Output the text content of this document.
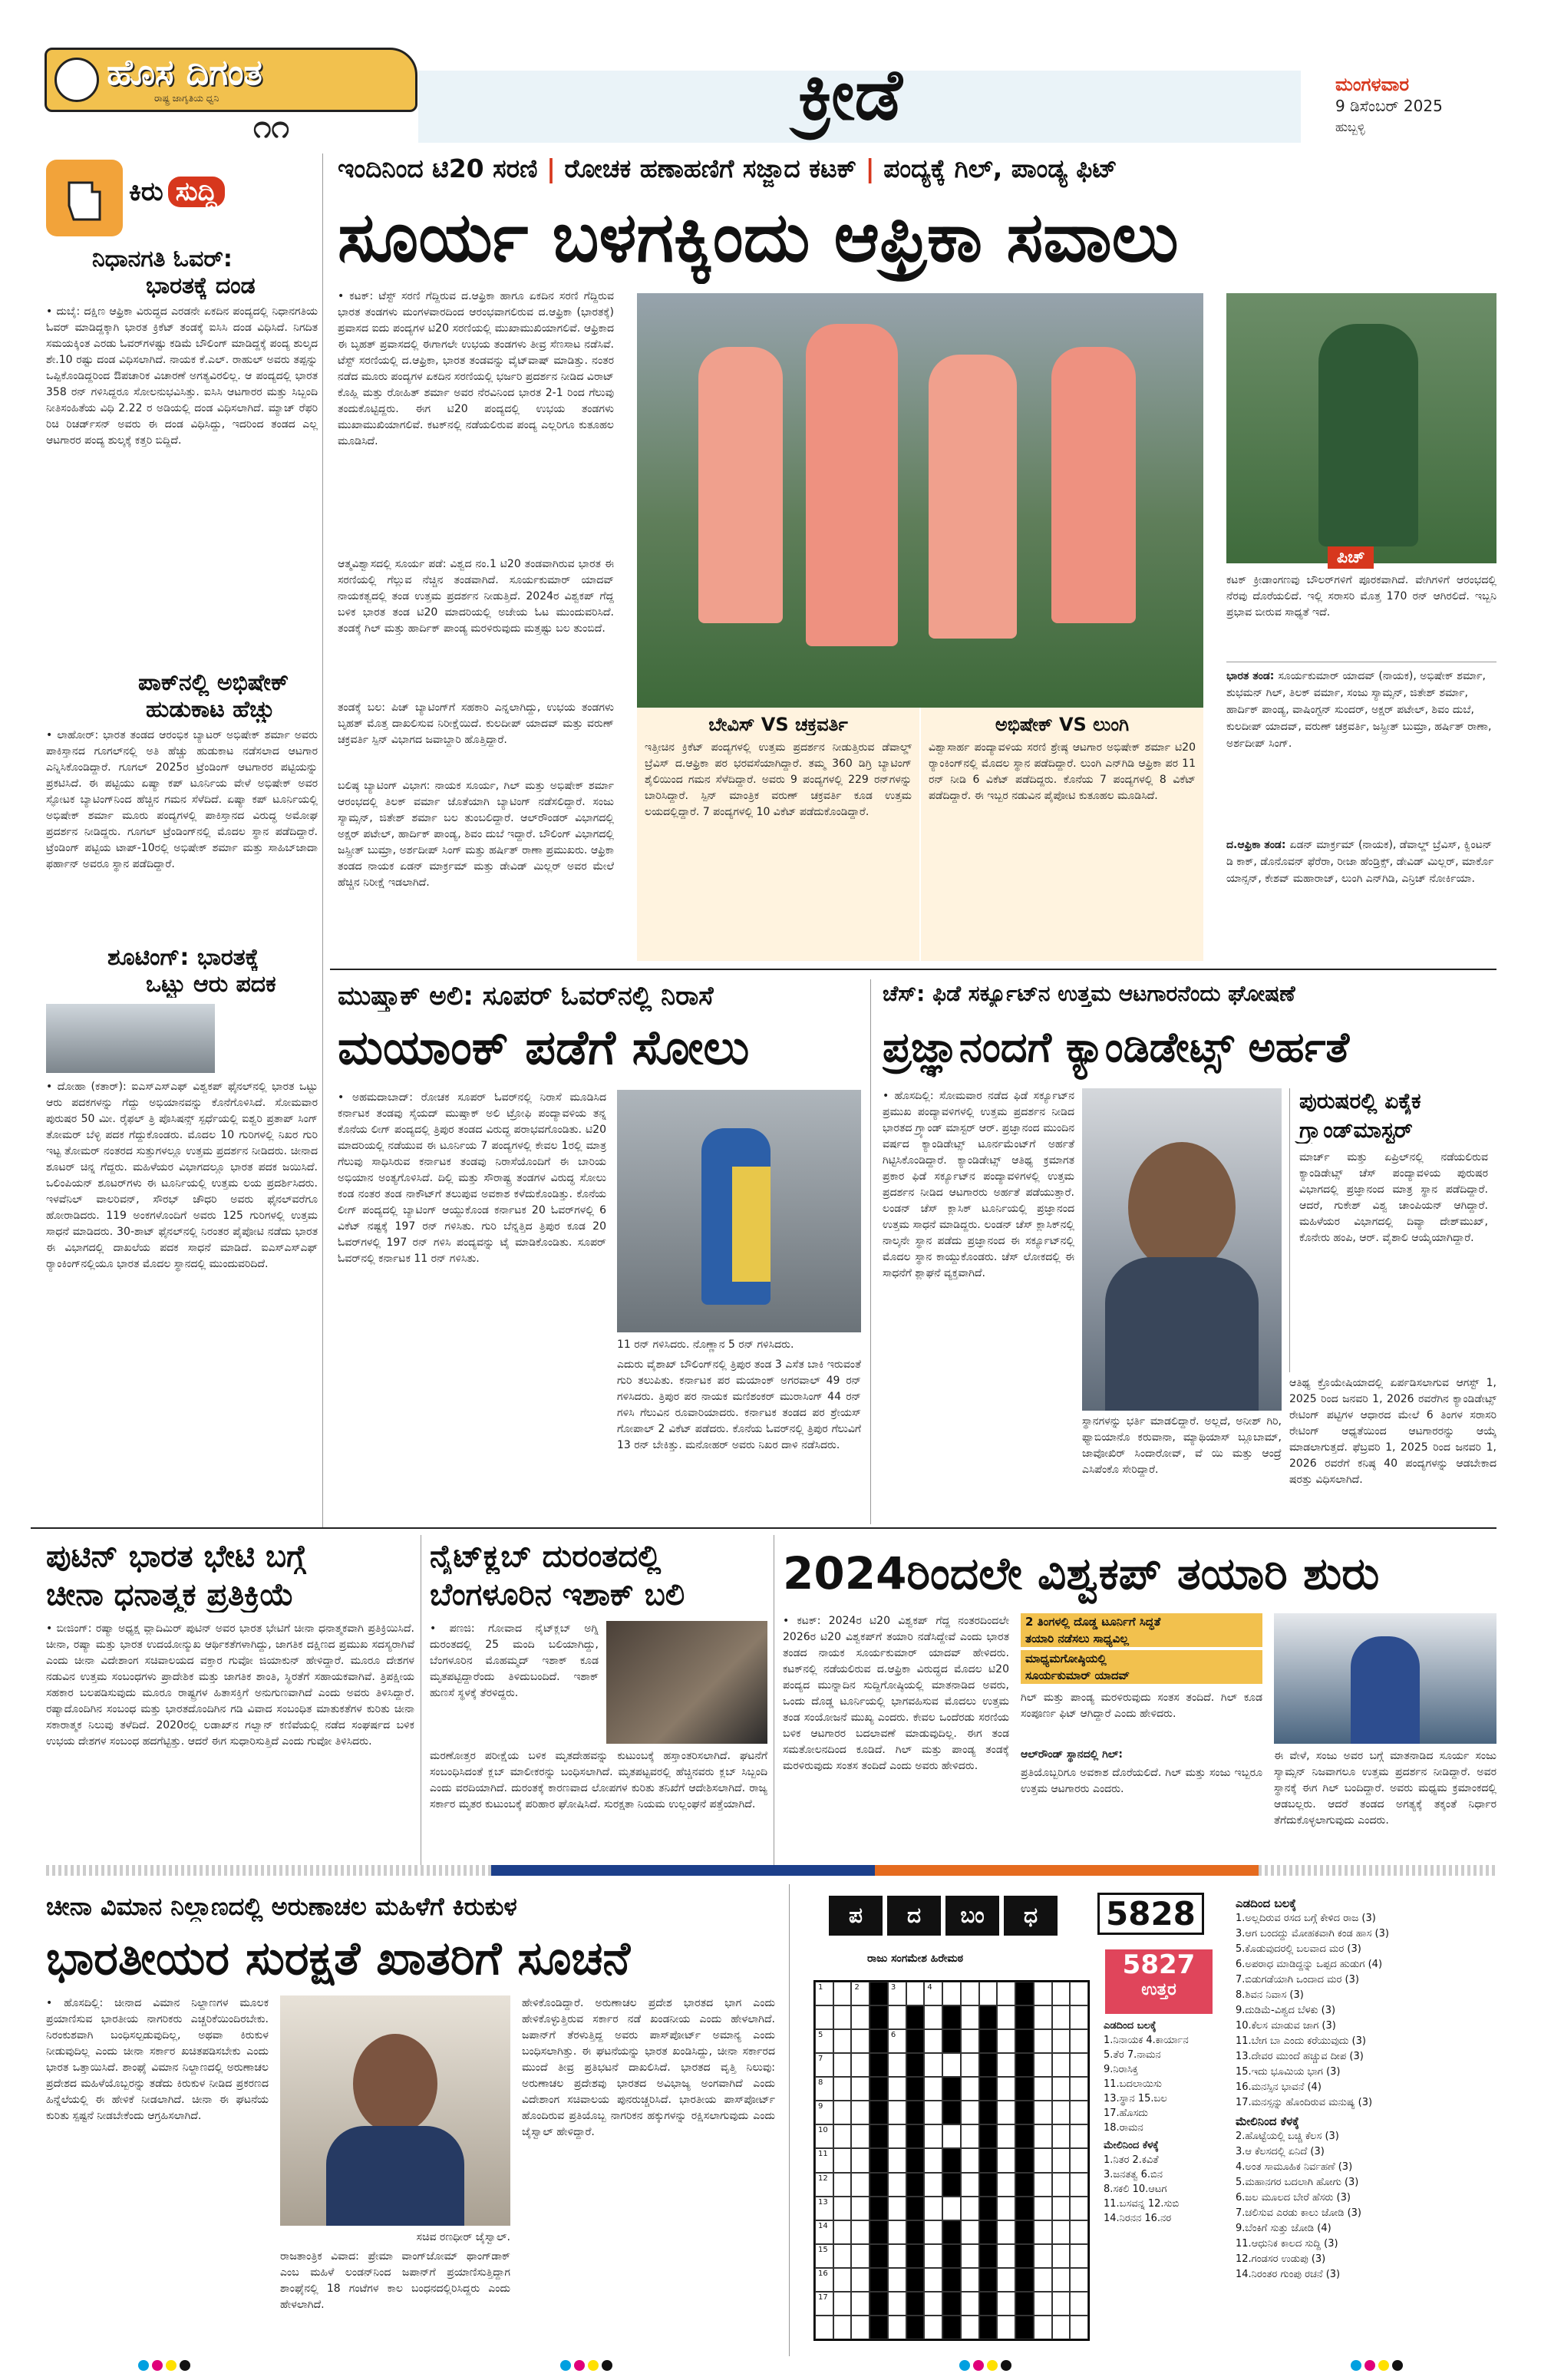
ಹೊಸ ದಿಗಂತ
ರಾಷ್ಟ್ರ ಜಾಗೃತಿಯ ಧ್ವನಿ
೧೧	ಕ್ರೀಡೆ	ಮಂಗಳವಾರ
9 ಡಿಸೆಂಬರ್ 2025
ಹುಬ್ಬಳ್ಳಿ
ಕಿರು ಸುದ್ದಿ
ನಿಧಾನಗತಿ ಓವರ್:
ಭಾರತಕ್ಕೆ ದಂಡ
• ದುಬೈ: ದಕ್ಷಿಣ ಆಫ್ರಿಕಾ ವಿರುದ್ಧದ ಎರಡನೇ ಏಕದಿನ ಪಂದ್ಯದಲ್ಲಿ ನಿಧಾನಗತಿಯ ಓವರ್ ಮಾಡಿದ್ದಕ್ಕಾಗಿ ಭಾರತ ಕ್ರಿಕೆಟ್ ತಂಡಕ್ಕೆ ಐಸಿಸಿ ದಂಡ ವಿಧಿಸಿದೆ. ನಿಗದಿತ ಸಮಯಕ್ಕಿಂತ ಎರಡು ಓವರ್‌ಗಳಷ್ಟು ಕಡಿಮೆ ಬೌಲಿಂಗ್ ಮಾಡಿದ್ದಕ್ಕೆ ಪಂದ್ಯ ಶುಲ್ಕದ ಶೇ.10 ರಷ್ಟು ದಂಡ ವಿಧಿಸಲಾಗಿದೆ. ನಾಯಕ ಕೆ.ಎಲ್. ರಾಹುಲ್ ಅವರು ತಪ್ಪನ್ನು ಒಪ್ಪಿಕೊಂಡಿದ್ದರಿಂದ ಔಪಚಾರಿಕ ವಿಚಾರಣೆ ಅಗತ್ಯವಿರಲಿಲ್ಲ. ಆ ಪಂದ್ಯದಲ್ಲಿ ಭಾರತ 358 ರನ್ ಗಳಿಸಿದ್ದರೂ ಸೋಲನುಭವಿಸಿತ್ತು. ಐಸಿಸಿ ಆಟಗಾರರ ಮತ್ತು ಸಿಬ್ಬಂದಿ ನೀತಿಸಂಹಿತೆಯ ವಿಧಿ 2.22 ರ ಅಡಿಯಲ್ಲಿ ದಂಡ ವಿಧಿಸಲಾಗಿದೆ. ಮ್ಯಾಚ್ ರೆಫರಿ ರಿಚಿ ರಿಚರ್ಡ್‌ಸನ್ ಅವರು ಈ ದಂಡ ವಿಧಿಸಿದ್ದು, ಇದರಿಂದ ತಂಡದ ಎಲ್ಲ ಆಟಗಾರರ ಪಂದ್ಯ ಶುಲ್ಕಕ್ಕೆ ಕತ್ತರಿ ಬಿದ್ದಿದೆ.
ಪಾಕ್‌ನಲ್ಲಿ ಅಭಿಷೇಕ್
ಹುಡುಕಾಟ ಹೆಚ್ಚು
• ಲಾಹೋರ್: ಭಾರತ ತಂಡದ ಆರಂಭಿಕ ಬ್ಯಾಟರ್ ಅಭಿಷೇಕ್ ಶರ್ಮಾ ಅವರು ಪಾಕಿಸ್ತಾನದ ಗೂಗಲ್‌ನಲ್ಲಿ ಅತಿ ಹೆಚ್ಚು ಹುಡುಕಾಟ ನಡೆಸಲಾದ ಆಟಗಾರ ಎನ್ನಿಸಿಕೊಂಡಿದ್ದಾರೆ. ಗೂಗಲ್ 2025ರ ಟ್ರೆಂಡಿಂಗ್ ಆಟಗಾರರ ಪಟ್ಟಿಯನ್ನು ಪ್ರಕಟಿಸಿದೆ. ಈ ಪಟ್ಟಿಯು ಏಷ್ಯಾ ಕಪ್ ಟೂರ್ನಿಯ ವೇಳೆ ಅಭಿಷೇಕ್ ಅವರ ಸ್ಫೋಟಕ ಬ್ಯಾಟಿಂಗ್‌ನಿಂದ ಹೆಚ್ಚಿನ ಗಮನ ಸೆಳೆದಿದೆ. ಏಷ್ಯಾ ಕಪ್ ಟೂರ್ನಿಯಲ್ಲಿ ಅಭಿಷೇಕ್ ಶರ್ಮಾ ಮೂರು ಪಂದ್ಯಗಳಲ್ಲಿ ಪಾಕಿಸ್ತಾನದ ವಿರುದ್ಧ ಅಮೋಘ ಪ್ರದರ್ಶನ ನೀಡಿದ್ದರು. ಗೂಗಲ್ ಟ್ರೆಂಡಿಂಗ್‌ನಲ್ಲಿ ಮೊದಲ ಸ್ಥಾನ ಪಡೆದಿದ್ದಾರೆ. ಟ್ರೆಂಡಿಂಗ್ ಪಟ್ಟಿಯ ಟಾಪ್-10ರಲ್ಲಿ ಅಭಿಷೇಕ್ ಶರ್ಮಾ ಮತ್ತು ಸಾಹಿಬ್‌ಜಾದಾ ಫರ್ಹಾನ್ ಅವರೂ ಸ್ಥಾನ ಪಡೆದಿದ್ದಾರೆ.
ಶೂಟಿಂಗ್: ಭಾರತಕ್ಕೆ
ಒಟ್ಟು ಆರು ಪದಕ
• ದೋಹಾ (ಕತಾರ್): ಐಎಸ್‌ಎಸ್‌ಎಫ್ ವಿಶ್ವಕಪ್ ಫೈನಲ್‌ನಲ್ಲಿ ಭಾರತ ಒಟ್ಟು ಆರು ಪದಕಗಳನ್ನು ಗೆದ್ದು ಅಭಿಯಾನವನ್ನು ಕೊನೆಗೊಳಿಸಿದೆ. ಸೋಮವಾರ ಪುರುಷರ 50 ಮೀ. ರೈಫಲ್ ತ್ರಿ ಪೊಸಿಷನ್ಸ್ ಸ್ಪರ್ಧೆಯಲ್ಲಿ ಐಶ್ವರಿ ಪ್ರತಾಪ್ ಸಿಂಗ್ ತೋಮರ್ ಬೆಳ್ಳಿ ಪದಕ ಗೆದ್ದುಕೊಂಡರು. ಮೊದಲ 10 ಗುರಿಗಳಲ್ಲಿ ನಿಖರ ಗುರಿ ಇಟ್ಟ ತೋಮರ್ ನಂತರದ ಸುತ್ತುಗಳಲ್ಲೂ ಉತ್ತಮ ಪ್ರದರ್ಶನ ನೀಡಿದರು. ಚೀನಾದ ಶೂಟರ್ ಚಿನ್ನ ಗೆದ್ದರು. ಮಹಿಳೆಯರ ವಿಭಾಗದಲ್ಲೂ ಭಾರತ ಪದಕ ಜಯಿಸಿದೆ. ಒಲಿಂಪಿಯನ್ ಶೂಟರ್‌ಗಳು ಈ ಟೂರ್ನಿಯಲ್ಲಿ ಉತ್ತಮ ಲಯ ಪ್ರದರ್ಶಿಸಿದರು. ಇಳವೆನಿಲ್ ವಾಲರಿವನ್, ಸೌರಭ್ ಚೌಧರಿ ಅವರು ಫೈನಲ್‌ವರೆಗೂ ಹೋರಾಡಿದರು. 119 ಅಂಕಗಳೊಂದಿಗೆ ಅವರು 125 ಗುರಿಗಳಲ್ಲಿ ಉತ್ತಮ ಸಾಧನೆ ಮಾಡಿದರು. 30-ಶಾಟ್ ಫೈನಲ್‌ನಲ್ಲಿ ನಿರಂತರ ಪೈಪೋಟಿ ನಡೆದು ಭಾರತ ಈ ವಿಭಾಗದಲ್ಲಿ ದಾಖಲೆಯ ಪದಕ ಸಾಧನೆ ಮಾಡಿದೆ. ಐಎಸ್‌ಎಸ್‌ಎಫ್ ರ‍್ಯಾಂಕಿಂಗ್‌ನಲ್ಲಿಯೂ ಭಾರತ ಮೊದಲ ಸ್ಥಾನದಲ್ಲಿ ಮುಂದುವರಿದಿದೆ.
ಇಂದಿನಿಂದ ಟಿ20 ಸರಣಿ | ರೋಚಕ ಹಣಾಹಣಿಗೆ ಸಜ್ಜಾದ ಕಟಕ್ | ಪಂದ್ಯಕ್ಕೆ ಗಿಲ್, ಪಾಂಡ್ಯ ಫಿಟ್
ಸೂರ್ಯ ಬಳಗಕ್ಕಿಂದು ಆಫ್ರಿಕಾ ಸವಾಲು
• ಕಟಕ್: ಟೆಸ್ಟ್ ಸರಣಿ ಗೆದ್ದಿರುವ ದ.ಆಫ್ರಿಕಾ ಹಾಗೂ ಏಕದಿನ ಸರಣಿ ಗೆದ್ದಿರುವ ಭಾರತ ತಂಡಗಳು ಮಂಗಳವಾರದಿಂದ ಆರಂಭವಾಗಲಿರುವ ದ.ಆಫ್ರಿಕಾ (ಭಾರತಕ್ಕೆ) ಪ್ರವಾಸದ ಐದು ಪಂದ್ಯಗಳ ಟಿ20 ಸರಣಿಯಲ್ಲಿ ಮುಖಾಮುಖಿಯಾಗಲಿವೆ. ಆಫ್ರಿಕಾದ ಈ ಬೃಹತ್ ಪ್ರವಾಸದಲ್ಲಿ ಈಗಾಗಲೇ ಉಭಯ ತಂಡಗಳು ತೀವ್ರ ಸೆಣಸಾಟ ನಡೆಸಿವೆ. ಟೆಸ್ಟ್ ಸರಣಿಯಲ್ಲಿ ದ.ಆಫ್ರಿಕಾ, ಭಾರತ ತಂಡವನ್ನು ವೈಟ್‌ವಾಷ್ ಮಾಡಿತ್ತು. ನಂತರ ನಡೆದ ಮೂರು ಪಂದ್ಯಗಳ ಏಕದಿನ ಸರಣಿಯಲ್ಲಿ ಭರ್ಜರಿ ಪ್ರದರ್ಶನ ನೀಡಿದ ವಿರಾಟ್ ಕೊಹ್ಲಿ ಮತ್ತು ರೋಹಿತ್ ಶರ್ಮಾ ಅವರ ನೆರವಿನಿಂದ ಭಾರತ 2-1 ರಿಂದ ಗೆಲುವು ತಂದುಕೊಟ್ಟಿದ್ದರು. ಈಗ ಟಿ20 ಪಂದ್ಯದಲ್ಲಿ ಉಭಯ ತಂಡಗಳು ಮುಖಾಮುಖಿಯಾಗಲಿವೆ. ಕಟಕ್‌ನಲ್ಲಿ ನಡೆಯಲಿರುವ ಪಂದ್ಯ ಎಲ್ಲರಿಗೂ ಕುತೂಹಲ ಮೂಡಿಸಿದೆ.
ಆತ್ಮವಿಶ್ವಾಸದಲ್ಲಿ ಸೂರ್ಯ ಪಡೆ: ವಿಶ್ವದ ನಂ.1 ಟಿ20 ತಂಡವಾಗಿರುವ ಭಾರತ ಈ ಸರಣಿಯಲ್ಲಿ ಗೆಲ್ಲುವ ನೆಚ್ಚಿನ ತಂಡವಾಗಿದೆ. ಸೂರ್ಯಕುಮಾರ್ ಯಾದವ್ ನಾಯಕತ್ವದಲ್ಲಿ ತಂಡ ಉತ್ತಮ ಪ್ರದರ್ಶನ ನೀಡುತ್ತಿದೆ. 2024ರ ವಿಶ್ವಕಪ್ ಗೆದ್ದ ಬಳಿಕ ಭಾರತ ತಂಡ ಟಿ20 ಮಾದರಿಯಲ್ಲಿ ಅಜೇಯ ಓಟ ಮುಂದುವರಿಸಿದೆ. ತಂಡಕ್ಕೆ ಗಿಲ್ ಮತ್ತು ಹಾರ್ದಿಕ್ ಪಾಂಡ್ಯ ಮರಳಿರುವುದು ಮತ್ತಷ್ಟು ಬಲ ತುಂಬಿದೆ.
ತಂಡಕ್ಕೆ ಬಲ: ಪಿಚ್ ಬ್ಯಾಟಿಂಗ್‌ಗೆ ಸಹಕಾರಿ ಎನ್ನಲಾಗಿದ್ದು, ಉಭಯ ತಂಡಗಳು ಬೃಹತ್ ಮೊತ್ತ ದಾಖಲಿಸುವ ನಿರೀಕ್ಷೆಯಿದೆ. ಕುಲದೀಪ್ ಯಾದವ್ ಮತ್ತು ವರುಣ್ ಚಕ್ರವರ್ತಿ ಸ್ಪಿನ್ ವಿಭಾಗದ ಜವಾಬ್ದಾರಿ ಹೊತ್ತಿದ್ದಾರೆ.
ಬಲಿಷ್ಠ ಬ್ಯಾಟಿಂಗ್ ವಿಭಾಗ: ನಾಯಕ ಸೂರ್ಯ, ಗಿಲ್ ಮತ್ತು ಅಭಿಷೇಕ್ ಶರ್ಮಾ ಆರಂಭದಲ್ಲಿ ತಿಲಕ್ ವರ್ಮಾ ಜೊತೆಯಾಗಿ ಬ್ಯಾಟಿಂಗ್ ನಡೆಸಲಿದ್ದಾರೆ. ಸಂಜು ಸ್ಯಾಮ್ಸನ್, ಜಿತೇಶ್ ಶರ್ಮಾ ಬಲ ತುಂಬಲಿದ್ದಾರೆ. ಆಲ್‌ರೌಂಡರ್ ವಿಭಾಗದಲ್ಲಿ ಅಕ್ಷರ್ ಪಟೇಲ್, ಹಾರ್ದಿಕ್ ಪಾಂಡ್ಯ, ಶಿವಂ ದುಬೆ ಇದ್ದಾರೆ. ಬೌಲಿಂಗ್ ವಿಭಾಗದಲ್ಲಿ ಜಸ್ಪ್ರೀತ್ ಬುಮ್ರಾ, ಅರ್ಶದೀಪ್ ಸಿಂಗ್ ಮತ್ತು ಹರ್ಷಿತ್ ರಾಣಾ ಪ್ರಮುಖರು. ಆಫ್ರಿಕಾ ತಂಡದ ನಾಯಕ ಏಡನ್ ಮಾರ್ಕ್ರಮ್ ಮತ್ತು ಡೇವಿಡ್ ಮಿಲ್ಲರ್ ಅವರ ಮೇಲೆ ಹೆಚ್ಚಿನ ನಿರೀಕ್ಷೆ ಇಡಲಾಗಿದೆ.
ಬೇವಿಸ್ VS ಚಕ್ರವರ್ತಿ
ಇತ್ತೀಚಿನ ಕ್ರಿಕೆಟ್ ಪಂದ್ಯಗಳಲ್ಲಿ ಉತ್ತಮ ಪ್ರದರ್ಶನ ನೀಡುತ್ತಿರುವ ಡೆವಾಲ್ಡ್ ಬ್ರೆವಿಸ್ ದ.ಆಫ್ರಿಕಾ ಪರ ಭರವಸೆಯಾಗಿದ್ದಾರೆ. ತಮ್ಮ 360 ಡಿಗ್ರಿ ಬ್ಯಾಟಿಂಗ್ ಶೈಲಿಯಿಂದ ಗಮನ ಸೆಳೆದಿದ್ದಾರೆ. ಅವರು 9 ಪಂದ್ಯಗಳಲ್ಲಿ 229 ರನ್‌ಗಳನ್ನು ಬಾರಿಸಿದ್ದಾರೆ. ಸ್ಪಿನ್ ಮಾಂತ್ರಿಕ ವರುಣ್ ಚಕ್ರವರ್ತಿ ಕೂಡ ಉತ್ತಮ ಲಯದಲ್ಲಿದ್ದಾರೆ. 7 ಪಂದ್ಯಗಳಲ್ಲಿ 10 ವಿಕೆಟ್ ಪಡೆದುಕೊಂಡಿದ್ದಾರೆ.
ಅಭಿಷೇಕ್ VS ಲುಂಗಿ
ವಿಶ್ವಾಸಾರ್ಹ ಪಂದ್ಯಾವಳಿಯ ಸರಣಿ ಶ್ರೇಷ್ಠ ಆಟಗಾರ ಅಭಿಷೇಕ್ ಶರ್ಮಾ ಟಿ20 ರ‍್ಯಾಂಕಿಂಗ್‌ನಲ್ಲಿ ಮೊದಲ ಸ್ಥಾನ ಪಡೆದಿದ್ದಾರೆ. ಲುಂಗಿ ಎನ್‌ಗಿಡಿ ಆಫ್ರಿಕಾ ಪರ 11 ರನ್ ನೀಡಿ 6 ವಿಕೆಟ್ ಪಡೆದಿದ್ದರು. ಕೊನೆಯ 7 ಪಂದ್ಯಗಳಲ್ಲಿ 8 ವಿಕೆಟ್ ಪಡೆದಿದ್ದಾರೆ. ಈ ಇಬ್ಬರ ನಡುವಿನ ಪೈಪೋಟಿ ಕುತೂಹಲ ಮೂಡಿಸಿದೆ.
ಪಿಚ್
ಕಟಕ್ ಕ್ರೀಡಾಂಗಣವು ಬೌಲರ್‌ಗಳಿಗೆ ಪೂರಕವಾಗಿದೆ. ವೇಗಿಗಳಿಗೆ ಆರಂಭದಲ್ಲಿ ನೆರವು ದೊರೆಯಲಿದೆ. ಇಲ್ಲಿ ಸರಾಸರಿ ಮೊತ್ತ 170 ರನ್ ಆಗಿರಲಿದೆ. ಇಬ್ಬನಿ ಪ್ರಭಾವ ಬೀರುವ ಸಾಧ್ಯತೆ ಇದೆ.
ಭಾರತ ತಂಡ: ಸೂರ್ಯಕುಮಾರ್ ಯಾದವ್ (ನಾಯಕ), ಅಭಿಷೇಕ್ ಶರ್ಮಾ, ಶುಭಮನ್ ಗಿಲ್, ತಿಲಕ್ ವರ್ಮಾ, ಸಂಜು ಸ್ಯಾಮ್ಸನ್, ಜಿತೇಶ್ ಶರ್ಮಾ, ಹಾರ್ದಿಕ್ ಪಾಂಡ್ಯ, ವಾಷಿಂಗ್ಟನ್ ಸುಂದರ್, ಅಕ್ಷರ್ ಪಟೇಲ್, ಶಿವಂ ದುಬೆ, ಕುಲದೀಪ್ ಯಾದವ್, ವರುಣ್ ಚಕ್ರವರ್ತಿ, ಜಸ್ಪ್ರೀತ್ ಬುಮ್ರಾ, ಹರ್ಷಿತ್ ರಾಣಾ, ಅರ್ಶದೀಪ್ ಸಿಂಗ್.
ದ.ಆಫ್ರಿಕಾ ತಂಡ: ಏಡನ್ ಮಾರ್ಕ್ರಮ್ (ನಾಯಕ), ಡೆವಾಲ್ಡ್ ಬ್ರೆವಿಸ್, ಕ್ವಿಂಟನ್ ಡಿ ಕಾಕ್, ಡೊನೊವನ್ ಫೆರೆರಾ, ರೀಜಾ ಹೆಂಡ್ರಿಕ್ಸ್, ಡೇವಿಡ್ ಮಿಲ್ಲರ್, ಮಾರ್ಕೊ ಯಾನ್ಸನ್, ಕೇಶವ್ ಮಹಾರಾಜ್, ಲುಂಗಿ ಎನ್‌ಗಿಡಿ, ಎನ್ರಿಚ್ ನೋರ್ಕಿಯಾ.
ಮುಷ್ತಾಕ್ ಅಲಿ: ಸೂಪರ್ ಓವರ್‌ನಲ್ಲಿ ನಿರಾಸೆ
ಮಯಾಂಕ್ ಪಡೆಗೆ ಸೋಲು
• ಅಹಮದಾಬಾದ್: ರೋಚಕ ಸೂಪರ್ ಓವರ್‌ನಲ್ಲಿ ನಿರಾಸೆ ಮೂಡಿಸಿದ ಕರ್ನಾಟಕ ತಂಡವು ಸೈಯದ್ ಮುಷ್ತಾಕ್ ಅಲಿ ಟ್ರೋಫಿ ಪಂದ್ಯಾವಳಿಯ ತನ್ನ ಕೊನೆಯ ಲೀಗ್ ಪಂದ್ಯದಲ್ಲಿ ತ್ರಿಪುರ ತಂಡದ ವಿರುದ್ಧ ಪರಾಭವಗೊಂಡಿತು. ಟಿ20 ಮಾದರಿಯಲ್ಲಿ ನಡೆಯುವ ಈ ಟೂರ್ನಿಯ 7 ಪಂದ್ಯಗಳಲ್ಲಿ ಕೇವಲ 1ರಲ್ಲಿ ಮಾತ್ರ ಗೆಲುವು ಸಾಧಿಸಿರುವ ಕರ್ನಾಟಕ ತಂಡವು ನಿರಾಸೆಯೊಂದಿಗೆ ಈ ಬಾರಿಯ ಅಭಿಯಾನ ಅಂತ್ಯಗೊಳಿಸಿದೆ. ದಿಲ್ಲಿ ಮತ್ತು ಸೌರಾಷ್ಟ್ರ ತಂಡಗಳ ವಿರುದ್ಧ ಸೋಲು ಕಂಡ ನಂತರ ತಂಡ ನಾಕೌಟ್‌ಗೆ ತಲುಪುವ ಅವಕಾಶ ಕಳೆದುಕೊಂಡಿತ್ತು. ಕೊನೆಯ ಲೀಗ್ ಪಂದ್ಯದಲ್ಲಿ ಬ್ಯಾಟಿಂಗ್ ಆಯ್ದುಕೊಂಡ ಕರ್ನಾಟಕ 20 ಓವರ್‌ಗಳಲ್ಲಿ 6 ವಿಕೆಟ್ ನಷ್ಟಕ್ಕೆ 197 ರನ್ ಗಳಿಸಿತು. ಗುರಿ ಬೆನ್ನತ್ತಿದ ತ್ರಿಪುರ ಕೂಡ 20 ಓವರ್‌ಗಳಲ್ಲಿ 197 ರನ್ ಗಳಿಸಿ ಪಂದ್ಯವನ್ನು ಟೈ ಮಾಡಿಕೊಂಡಿತು. ಸೂಪರ್ ಓವರ್‌ನಲ್ಲಿ ಕರ್ನಾಟಕ 11 ರನ್ ಗಳಿಸಿತು.
11 ರನ್ ಗಳಿಸಿದರು. ನೊಣ್ಣಾನ 5 ರನ್ ಗಳಿಸಿದರು.
ಎದುರು ವೈಶಾಖ್ ಬೌಲಿಂಗ್‌ನಲ್ಲಿ ತ್ರಿಪುರ ತಂಡ 3 ಎಸೆತ ಬಾಕಿ ಇರುವಂತೆ ಗುರಿ ತಲುಪಿತು. ಕರ್ನಾಟಕ ಪರ ಮಯಾಂಕ್ ಅಗರವಾಲ್ 49 ರನ್ ಗಳಿಸಿದರು. ತ್ರಿಪುರ ಪರ ನಾಯಕ ಮಣಿಶಂಕರ್ ಮುರಾಸಿಂಗ್ 44 ರನ್ ಗಳಿಸಿ ಗೆಲುವಿನ ರೂವಾರಿಯಾದರು. ಕರ್ನಾಟಕ ತಂಡದ ಪರ ಶ್ರೇಯಸ್ ಗೋಪಾಲ್ 2 ವಿಕೆಟ್ ಪಡೆದರು. ಕೊನೆಯ ಓವರ್‌ನಲ್ಲಿ ತ್ರಿಪುರ ಗೆಲುವಿಗೆ 13 ರನ್ ಬೇಕಿತ್ತು. ಮನೋಹರ್ ಅವರು ನಿಖರ ದಾಳಿ ನಡೆಸಿದರು.
ಚೆಸ್: ಫಿಡೆ ಸರ್ಕ್ಯೂಟ್‌ನ ಉತ್ತಮ ಆಟಗಾರನೆಂದು ಘೋಷಣೆ
ಪ್ರಜ್ಞಾನಂದಗೆ ಕ್ಯಾಂಡಿಡೇಟ್ಸ್ ಅರ್ಹತೆ
• ಹೊಸದಿಲ್ಲಿ: ಸೋಮವಾರ ನಡೆದ ಫಿಡೆ ಸರ್ಕ್ಯೂಟ್‌ನ ಪ್ರಮುಖ ಪಂದ್ಯಾವಳಿಗಳಲ್ಲಿ ಉತ್ತಮ ಪ್ರದರ್ಶನ ನೀಡಿದ ಭಾರತದ ಗ್ರ್ಯಾಂಡ್ ಮಾಸ್ಟರ್ ಆರ್. ಪ್ರಜ್ಞಾನಂದ ಮುಂದಿನ ವರ್ಷದ ಕ್ಯಾಂಡಿಡೇಟ್ಸ್ ಟೂರ್ನಮೆಂಟ್‌ಗೆ ಅರ್ಹತೆ ಗಿಟ್ಟಿಸಿಕೊಂಡಿದ್ದಾರೆ. ಕ್ಯಾಂಡಿಡೇಟ್ಸ್ ಆತಿಥ್ಯ ಕ್ರಮಾಗತ ಪ್ರಕಾರ ಫಿಡೆ ಸರ್ಕ್ಯೂಟ್‌ನ ಪಂದ್ಯಾವಳಿಗಳಲ್ಲಿ ಉತ್ತಮ ಪ್ರದರ್ಶನ ನೀಡಿದ ಆಟಗಾರರು ಅರ್ಹತೆ ಪಡೆಯುತ್ತಾರೆ. ಲಂಡನ್ ಚೆಸ್ ಕ್ಲಾಸಿಕ್ ಟೂರ್ನಿಯಲ್ಲಿ ಪ್ರಜ್ಞಾನಂದ ಉತ್ತಮ ಸಾಧನೆ ಮಾಡಿದ್ದರು. ಲಂಡನ್ ಚೆಸ್ ಕ್ಲಾಸಿಕ್‌ನಲ್ಲಿ ನಾಲ್ಕನೇ ಸ್ಥಾನ ಪಡೆದು ಪ್ರಜ್ಞಾನಂದ ಈ ಸರ್ಕ್ಯೂಟ್‌ನಲ್ಲಿ ಮೊದಲ ಸ್ಥಾನ ಕಾಯ್ದುಕೊಂಡರು. ಚೆಸ್ ಲೋಕದಲ್ಲಿ ಈ ಸಾಧನೆಗೆ ಶ್ಲಾಘನೆ ವ್ಯಕ್ತವಾಗಿದೆ.
ಸ್ಥಾನಗಳನ್ನು ಭರ್ತಿ ಮಾಡಲಿದ್ದಾರೆ. ಅಲ್ಲದೆ, ಅನೀಶ್ ಗಿರಿ, ಫ್ಯಾಬಿಯಾನೊ ಕರುವಾನಾ, ಮ್ಯಾಥಿಯಾಸ್ ಬ್ಲೂಬಾಮ್, ಜಾವೋಖಿರ್ ಸಿಂದಾರೋವ್, ವೆ ಯಿ ಮತ್ತು ಆಂದ್ರೆ ಎಸಿಪೆಂಕೊ ಸೇರಿದ್ದಾರೆ.
ಪುರುಷರಲ್ಲಿ ಏಕೈಕ
ಗ್ರ್ಯಾಂಡ್‌ಮಾಸ್ಟರ್
ಮಾರ್ಚ್ ಮತ್ತು ಏಪ್ರಿಲ್‌ನಲ್ಲಿ ನಡೆಯಲಿರುವ ಕ್ಯಾಂಡಿಡೇಟ್ಸ್ ಚೆಸ್ ಪಂದ್ಯಾವಳಿಯ ಪುರುಷರ ವಿಭಾಗದಲ್ಲಿ ಪ್ರಜ್ಞಾನಂದ ಮಾತ್ರ ಸ್ಥಾನ ಪಡೆದಿದ್ದಾರೆ. ಆದರೆ, ಗುಕೇಶ್ ವಿಶ್ವ ಚಾಂಪಿಯನ್ ಆಗಿದ್ದಾರೆ. ಮಹಿಳೆಯರ ವಿಭಾಗದಲ್ಲಿ ದಿವ್ಯಾ ದೇಶ್‌ಮುಖ್, ಕೊನೇರು ಹಂಪಿ, ಆರ್. ವೈಶಾಲಿ ಆಯ್ಕೆಯಾಗಿದ್ದಾರೆ.
ಆತಿಥ್ಯ ಕ್ರೊಯೇಷಿಯಾದಲ್ಲಿ ಏರ್ಪಡಿಸಲಾಗುವ ಆಗಸ್ಟ್ 1, 2025 ರಿಂದ ಜನವರಿ 1, 2026 ರವರೆಗಿನ ಕ್ಯಾಂಡಿಡೇಟ್ಸ್ ರೇಟಿಂಗ್ ಪಟ್ಟಿಗಳ ಆಧಾರದ ಮೇಲೆ 6 ತಿಂಗಳ ಸರಾಸರಿ ರೇಟಿಂಗ್ ಆಧ್ಯತೆಯಿಂದ ಆಟಗಾರರನ್ನು ಆಯ್ಕೆ ಮಾಡಲಾಗುತ್ತದೆ. ಫೆಬ್ರವರಿ 1, 2025 ರಿಂದ ಜನವರಿ 1, 2026 ರವರೆಗೆ ಕನಿಷ್ಠ 40 ಪಂದ್ಯಗಳನ್ನು ಆಡಬೇಕಾದ ಷರತ್ತು ವಿಧಿಸಲಾಗಿದೆ.
ಪುಟಿನ್ ಭಾರತ ಭೇಟಿ ಬಗ್ಗೆ
ಚೀನಾ ಧನಾತ್ಮಕ ಪ್ರತಿಕ್ರಿಯೆ
• ಬೀಜಿಂಗ್: ರಷ್ಯಾ ಅಧ್ಯಕ್ಷ ವ್ಲಾದಿಮಿರ್ ಪುಟಿನ್ ಅವರ ಭಾರತ ಭೇಟಿಗೆ ಚೀನಾ ಧನಾತ್ಮಕವಾಗಿ ಪ್ರತಿಕ್ರಿಯಿಸಿದೆ. ಚೀನಾ, ರಷ್ಯಾ ಮತ್ತು ಭಾರತ ಉದಯೋನ್ಮುಖ ಆರ್ಥಿಕತೆಗಳಾಗಿದ್ದು, ಜಾಗತಿಕ ದಕ್ಷಿಣದ ಪ್ರಮುಖ ಸದಸ್ಯರಾಗಿವೆ ಎಂದು ಚೀನಾ ವಿದೇಶಾಂಗ ಸಚಿವಾಲಯದ ವಕ್ತಾರ ಗುವೋ ಜಿಯಾಕುನ್ ಹೇಳಿದ್ದಾರೆ. ಮೂರೂ ದೇಶಗಳ ನಡುವಿನ ಉತ್ತಮ ಸಂಬಂಧಗಳು ಪ್ರಾದೇಶಿಕ ಮತ್ತು ಜಾಗತಿಕ ಶಾಂತಿ, ಸ್ಥಿರತೆಗೆ ಸಹಾಯಕವಾಗಿವೆ. ತ್ರಿಪಕ್ಷೀಯ ಸಹಕಾರ ಬಲಪಡಿಸುವುದು ಮೂರೂ ರಾಷ್ಟ್ರಗಳ ಹಿತಾಸಕ್ತಿಗೆ ಅನುಗುಣವಾಗಿದೆ ಎಂದು ಅವರು ತಿಳಿಸಿದ್ದಾರೆ. ರಷ್ಯಾದೊಂದಿಗಿನ ಸಂಬಂಧ ಮತ್ತು ಭಾರತದೊಂದಿಗಿನ ಗಡಿ ವಿವಾದ ಸಂಬಂಧಿತ ಮಾತುಕತೆಗಳ ಕುರಿತು ಚೀನಾ ಸಕಾರಾತ್ಮಕ ನಿಲುವು ತಳೆದಿದೆ. 2020ರಲ್ಲಿ ಲಡಾಖ್‌ನ ಗಲ್ವಾನ್ ಕಣಿವೆಯಲ್ಲಿ ನಡೆದ ಸಂಘರ್ಷದ ಬಳಿಕ ಉಭಯ ದೇಶಗಳ ಸಂಬಂಧ ಹದಗೆಟ್ಟಿತ್ತು. ಆದರೆ ಈಗ ಸುಧಾರಿಸುತ್ತಿದೆ ಎಂದು ಗುವೋ ತಿಳಿಸಿದರು.
ನೈಟ್‌ಕ್ಲಬ್ ದುರಂತದಲ್ಲಿ
ಬೆಂಗಳೂರಿನ ಇಶಾಕ್ ಬಲಿ
• ಪಣಜಿ: ಗೋವಾದ ನೈಟ್‌ಕ್ಲಬ್ ಅಗ್ನಿ ದುರಂತದಲ್ಲಿ 25 ಮಂದಿ ಬಲಿಯಾಗಿದ್ದು, ಬೆಂಗಳೂರಿನ ಮೊಹಮ್ಮದ್ ಇಶಾಕ್ ಕೂಡ ಮೃತಪಟ್ಟಿದ್ದಾರೆಂದು ತಿಳಿದುಬಂದಿದೆ. ಇಶಾಕ್ ಹುಣಸೆ ಸ್ಥಳಕ್ಕೆ ತೆರಳಿದ್ದರು.
ಮರಣೋತ್ತರ ಪರೀಕ್ಷೆಯ ಬಳಿಕ ಮೃತದೇಹವನ್ನು ಕುಟುಂಬಕ್ಕೆ ಹಸ್ತಾಂತರಿಸಲಾಗಿದೆ. ಘಟನೆಗೆ ಸಂಬಂಧಿಸಿದಂತೆ ಕ್ಲಬ್ ಮಾಲೀಕರನ್ನು ಬಂಧಿಸಲಾಗಿದೆ. ಮೃತಪಟ್ಟವರಲ್ಲಿ ಹೆಚ್ಚಿನವರು ಕ್ಲಬ್ ಸಿಬ್ಬಂದಿ ಎಂದು ವರದಿಯಾಗಿದೆ. ದುರಂತಕ್ಕೆ ಕಾರಣವಾದ ಲೋಪಗಳ ಕುರಿತು ತನಿಖೆಗೆ ಆದೇಶಿಸಲಾಗಿದೆ. ರಾಜ್ಯ ಸರ್ಕಾರ ಮೃತರ ಕುಟುಂಬಕ್ಕೆ ಪರಿಹಾರ ಘೋಷಿಸಿದೆ. ಸುರಕ್ಷತಾ ನಿಯಮ ಉಲ್ಲಂಘನೆ ಪತ್ತೆಯಾಗಿದೆ.
2024ರಿಂದಲೇ ವಿಶ್ವಕಪ್ ತಯಾರಿ ಶುರು
• ಕಟಕ್: 2024ರ ಟಿ20 ವಿಶ್ವಕಪ್ ಗೆದ್ದ ನಂತರದಿಂದಲೇ 2026ರ ಟಿ20 ವಿಶ್ವಕಪ್‌ಗೆ ತಯಾರಿ ನಡೆಸಿದ್ದೇವೆ ಎಂದು ಭಾರತ ತಂಡದ ನಾಯಕ ಸೂರ್ಯಕುಮಾರ್ ಯಾದವ್ ಹೇಳಿದರು. ಕಟಕ್‌ನಲ್ಲಿ ನಡೆಯಲಿರುವ ದ.ಆಫ್ರಿಕಾ ವಿರುದ್ಧದ ಮೊದಲ ಟಿ20 ಪಂದ್ಯದ ಮುನ್ನಾದಿನ ಸುದ್ದಿಗೋಷ್ಠಿಯಲ್ಲಿ ಮಾತನಾಡಿದ ಅವರು, ಒಂದು ದೊಡ್ಡ ಟೂರ್ನಿಯಲ್ಲಿ ಭಾಗವಹಿಸುವ ಮೊದಲು ಉತ್ತಮ ತಂಡ ಸಂಯೋಜನೆ ಮುಖ್ಯ ಎಂದರು. ಕೇವಲ ಒಂದೆರಡು ಸರಣಿಯ ಬಳಿಕ ಆಟಗಾರರ ಬದಲಾವಣೆ ಮಾಡುವುದಿಲ್ಲ. ಈಗ ತಂಡ ಸಮತೋಲನದಿಂದ ಕೂಡಿದೆ. ಗಿಲ್ ಮತ್ತು ಪಾಂಡ್ಯ ತಂಡಕ್ಕೆ ಮರಳಿರುವುದು ಸಂತಸ ತಂದಿದೆ ಎಂದು ಅವರು ಹೇಳಿದರು.
2 ತಿಂಗಳಲ್ಲಿ ದೊಡ್ಡ ಟೂರ್ನಿಗೆ ಸಿದ್ಧತೆ
ತಯಾರಿ ನಡೆಸಲು ಸಾಧ್ಯವಿಲ್ಲ
ಮಾಧ್ಯಮಗೋಷ್ಠಿಯಲ್ಲಿ
ಸೂರ್ಯಕುಮಾರ್ ಯಾದವ್
ಗಿಲ್ ಮತ್ತು ಪಾಂಡ್ಯ ಮರಳಿರುವುದು ಸಂತಸ ತಂದಿದೆ. ಗಿಲ್ ಕೂಡ ಸಂಪೂರ್ಣ ಫಿಟ್ ಆಗಿದ್ದಾರೆ ಎಂದು ಹೇಳಿದರು.
ಆಲ್‌ರೌಂಡ್ ಸ್ಥಾನದಲ್ಲಿ ಗಿಲ್:
ಪ್ರತಿಯೊಬ್ಬರಿಗೂ ಅವಕಾಶ ದೊರೆಯಲಿದೆ. ಗಿಲ್ ಮತ್ತು ಸಂಜು ಇಬ್ಬರೂ ಉತ್ತಮ ಆಟಗಾರರು ಎಂದರು.
ಈ ವೇಳೆ, ಸಂಜು ಅವರ ಬಗ್ಗೆ ಮಾತನಾಡಿದ ಸೂರ್ಯ ಸಂಜು ಸ್ಯಾಮ್ಸನ್ ನಿಜವಾಗಲೂ ಉತ್ತಮ ಪ್ರದರ್ಶನ ನೀಡಿದ್ದಾರೆ. ಅವರ ಸ್ಥಾನಕ್ಕೆ ಈಗ ಗಿಲ್ ಬಂದಿದ್ದಾರೆ. ಅವರು ಮಧ್ಯಮ ಕ್ರಮಾಂಕದಲ್ಲಿ ಆಡಬಲ್ಲರು. ಆದರೆ ತಂಡದ ಅಗತ್ಯಕ್ಕೆ ತಕ್ಕಂತೆ ನಿರ್ಧಾರ ತೆಗೆದುಕೊಳ್ಳಲಾಗುವುದು ಎಂದರು.
ಚೀನಾ ವಿಮಾನ ನಿಲ್ದಾಣದಲ್ಲಿ ಅರುಣಾಚಲ ಮಹಿಳೆಗೆ ಕಿರುಕುಳ
ಭಾರತೀಯರ ಸುರಕ್ಷತೆ ಖಾತರಿಗೆ ಸೂಚನೆ
• ಹೊಸದಿಲ್ಲಿ: ಚೀನಾದ ವಿಮಾನ ನಿಲ್ದಾಣಗಳ ಮೂಲಕ ಪ್ರಯಾಣಿಸುವ ಭಾರತೀಯ ನಾಗರಿಕರು ಎಚ್ಚರಿಕೆಯಿಂದಿರಬೇಕು. ನಿರಂಕುಶವಾಗಿ ಬಂಧಿಸಲ್ಪಡುವುದಿಲ್ಲ, ಅಥವಾ ಕಿರುಕುಳ ನೀಡುವುದಿಲ್ಲ ಎಂದು ಚೀನಾ ಸರ್ಕಾರ ಖಚಿತಪಡಿಸಬೇಕು ಎಂದು ಭಾರತ ಒತ್ತಾಯಿಸಿದೆ. ಶಾಂಘೈ ವಿಮಾನ ನಿಲ್ದಾಣದಲ್ಲಿ ಅರುಣಾಚಲ ಪ್ರದೇಶದ ಮಹಿಳೆಯೊಬ್ಬರನ್ನು ತಡೆದು ಕಿರುಕುಳ ನೀಡಿದ ಪ್ರಕರಣದ ಹಿನ್ನೆಲೆಯಲ್ಲಿ ಈ ಹೇಳಿಕೆ ನೀಡಲಾಗಿದೆ. ಚೀನಾ ಈ ಘಟನೆಯ ಕುರಿತು ಸ್ಪಷ್ಟನೆ ನೀಡಬೇಕೆಂದು ಆಗ್ರಹಿಸಲಾಗಿದೆ.
ಸಚಿವ ರಣಧೀರ್ ಜೈಸ್ವಾಲ್.
ರಾಜತಾಂತ್ರಿಕ ವಿವಾದ: ಪ್ರೇಮಾ ವಾಂಗ್‌ಜೋಮ್ ಥಾಂಗ್‌ಡಾಕ್ ಎಂಬ ಮಹಿಳೆ ಲಂಡನ್‌ನಿಂದ ಜಪಾನ್‌ಗೆ ಪ್ರಯಾಣಿಸುತ್ತಿದ್ದಾಗ ಶಾಂಘೈನಲ್ಲಿ 18 ಗಂಟೆಗಳ ಕಾಲ ಬಂಧನದಲ್ಲಿರಿಸಿದ್ದರು ಎಂದು ಹೇಳಲಾಗಿದೆ.
ಹೇಳಿಕೊಂಡಿದ್ದಾರೆ. ಅರುಣಾಚಲ ಪ್ರದೇಶ ಭಾರತದ ಭಾಗ ಎಂದು ಹೇಳಿಕೊಳ್ಳುತ್ತಿರುವ ಸರ್ಕಾರ ನಡೆ ಖಂಡನೀಯ ಎಂದು ಹೇಳಲಾಗಿದೆ. ಜಪಾನ್‌ಗೆ ತೆರಳುತ್ತಿದ್ದ ಅವರು ಪಾಸ್‌ಪೋರ್ಟ್ ಅಮಾನ್ಯ ಎಂದು ಬಂಧಿಸಲಾಗಿತ್ತು. ಈ ಘಟನೆಯನ್ನು ಭಾರತ ಖಂಡಿಸಿದ್ದು, ಚೀನಾ ಸರ್ಕಾರದ ಮುಂದೆ ತೀವ್ರ ಪ್ರತಿಭಟನೆ ದಾಖಲಿಸಿದೆ. ಭಾರತದ ವೃತ್ತಿ ನಿಲುವು: ಅರುಣಾಚಲ ಪ್ರದೇಶವು ಭಾರತದ ಅವಿಭಾಜ್ಯ ಅಂಗವಾಗಿದೆ ಎಂದು ವಿದೇಶಾಂಗ ಸಚಿವಾಲಯ ಪುನರುಚ್ಚರಿಸಿದೆ. ಭಾರತೀಯ ಪಾಸ್‌ಪೋರ್ಟ್ ಹೊಂದಿರುವ ಪ್ರತಿಯೊಬ್ಬ ನಾಗರಿಕನ ಹಕ್ಕುಗಳನ್ನು ರಕ್ಷಿಸಲಾಗುವುದು ಎಂದು ಜೈಸ್ವಾಲ್ ಹೇಳಿದ್ದಾರೆ.
ಪ ದ ಬಂ ಧ	5828
5827
ಉತ್ತರ
ರಾಜು ಸಂಗಮೇಶ ಹಿರೇಮಠ
1	2	3	4
5	6
7
8
9
10
11
12
13
14
15
16
17
ಎಡದಿಂದ ಬಲಕ್ಕೆ
1.ನಿನಾಯಕ 4.ಕಾರ್ಯಾನ
5.ತೆರ 7.ನಾಮನ
9.ನಿರಾಸಿಕ್ತ
11.ಬದಲಾಯಿಸು
13.ಸ್ಥಾನ 15.ಬಲ
17.ಹೊಸದು
18.ರಾಮನ
ಮೇಲಿನಿಂದ ಕೆಳಕ್ಕೆ
1.ನಿತರ 2.ಕವಿತೆ
3.ಜನತತ್ವ 6.ಬಿನ
8.ಸಕಲಿ 10.ಆಟಗ
11.ಬಸವನ್ನ 12.ಸುಬಿ
14.ನಿರನನ 16.ನರ
ಎಡದಿಂದ ಬಲಕ್ಕೆ
1.ಅಲ್ಲದಿರುವ ರಸದ ಬಗ್ಗೆ ಕೇಳಿದ ರಾಜ (3)
3.ಆಗ ಬಂದದ್ದು ಮೋಹಕವಾಗಿ ಕಂಡ ಹಾಸ (3)
5.ಕೊಡುವುದರಲ್ಲಿ ಬಲವಾದ ಮರ (3)
6.ಅಪರಾಧ ಮಾಡಿದ್ದನ್ನು ಒಪ್ಪದ ಹುಡುಗ (4)
7.ಬಿಡುಗಡೆಯಾಗಿ ಒಂದಾದ ಮರ (3)
8.ಶಿವನ ನಿವಾಸ (3)
9.ದುಡಿಮೆ-ವಿಶ್ವದ ಬೆಳಕು (3)
10.ಕೆಲಸ ಮಾಡುವ ಜಾಗ (3)
11.ಬೇಗ ಬಾ ಎಂದು ಕರೆಯುವುದು (3)
13.ದೇವರ ಮುಂದೆ ಹಚ್ಚುವ ದೀಪ (3)
15.ಇದು ಭೂಮಿಯ ಭಾಗ (3)
16.ಮನಸ್ಸಿನ ಭಾವನೆ (4)
17.ಮನಸ್ಸನ್ನು ಹೊಂದಿರುವ ಮನುಷ್ಯ (3)
ಮೇಲಿನಿಂದ ಕೆಳಕ್ಕೆ
2.ಹೊಟ್ಟೆಯಲ್ಲಿ ಬಚ್ಚಿ ಕೆಲಸ (3)
3.ಆ ಕೆಲಸದಲ್ಲಿ ಏನಿದೆ (3)
4.ಅಂತ ಸಾಮೂಹಿಕ ನಿರ್ವಹಣೆ (3)
5.ಮಹಾನಗರ ಬದಲಾಗಿ ಹೋಗು (3)
6.ಜಲ ಮೂಲದ ಬೇರೆ ಹೆಸರು (3)
7.ಚಲಿಸುವ ಎರಡು ಕಾಲು ಜೋಡಿ (3)
9.ಬೆಂಕಿಗೆ ಸುತ್ತು ಜೋಡಿ (4)
11.ಆಧುನಿಕ ಕಾಲದ ಸುದ್ದಿ (3)
12.ಗಂಡಸರ ಉಡುಪು (3)
14.ನಿರಂತರ ಗುಂಪು ರಚನೆ (3)
